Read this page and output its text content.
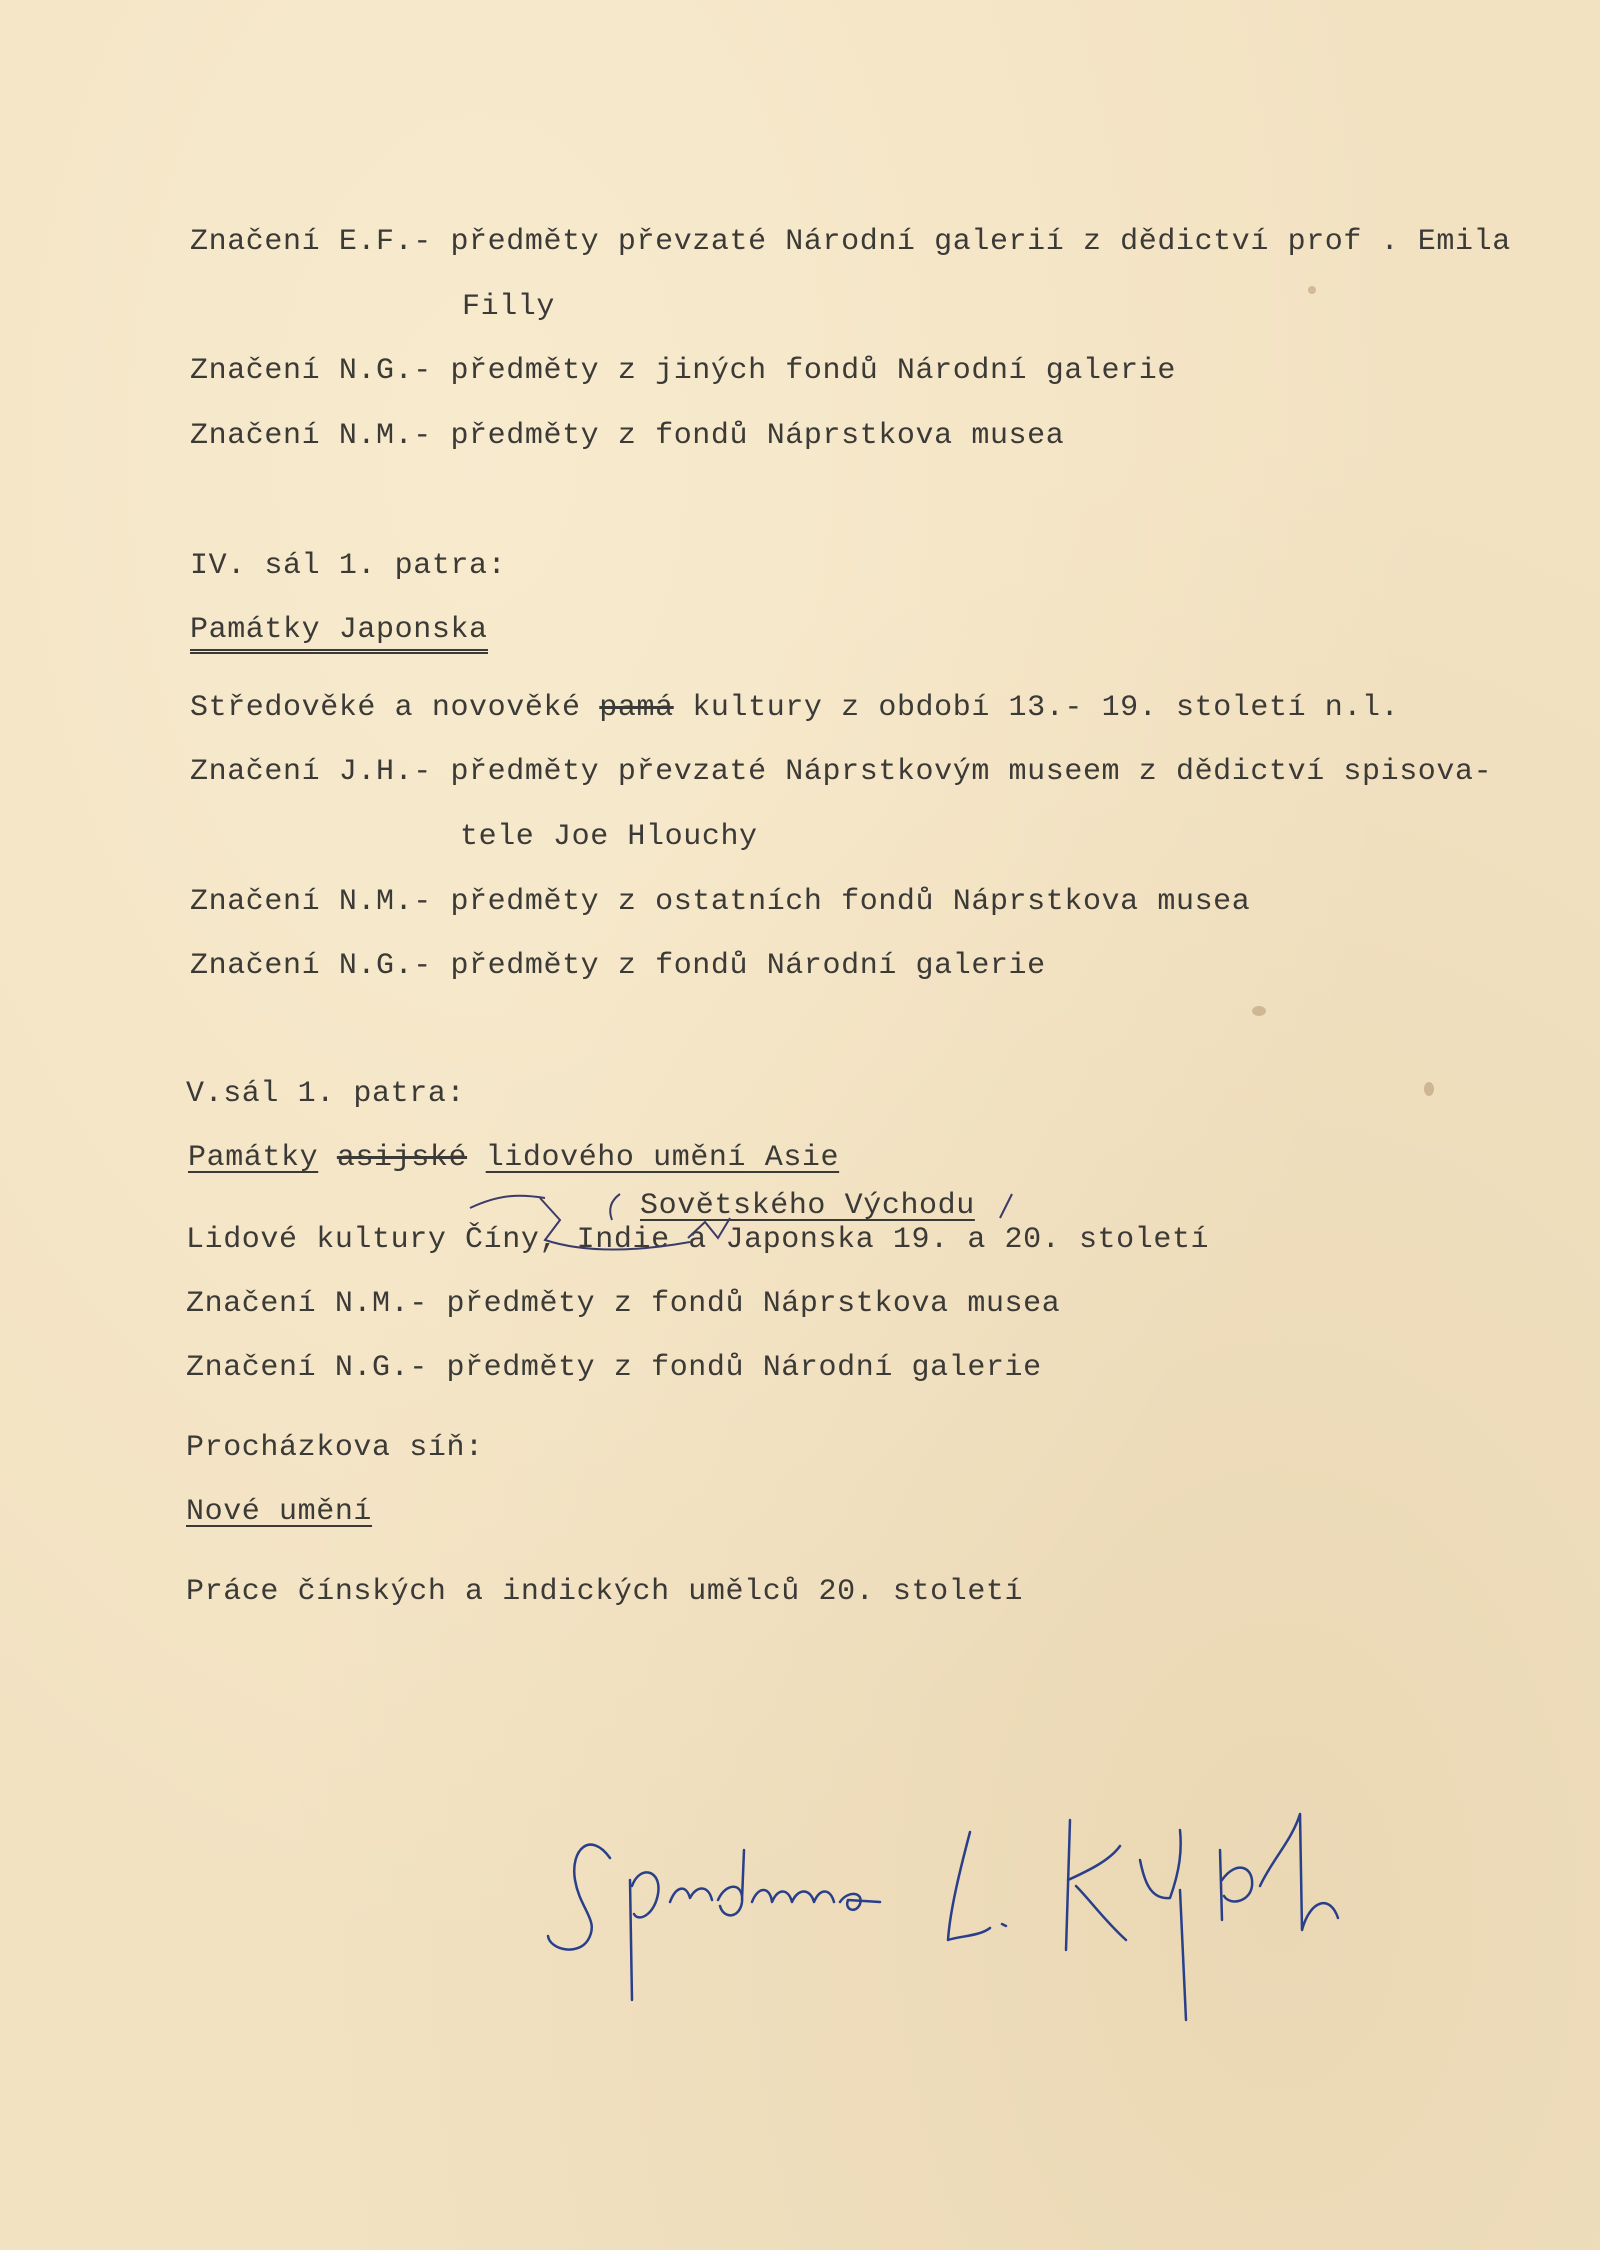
Značení E.F.- předměty převzaté Národní galerií z dědictví prof . Emila
Filly
Značení N.G.- předměty z jiných fondů Národní galerie
Značení N.M.- předměty z fondů Náprstkova musea
IV. sál 1. patra:
Památky Japonska
Středověké a novověké pamá kultury z období 13.- 19. století n.l.
Značení J.H.- předměty převzaté Náprstkovým museem z dědictví spisova-
tele Joe Hlouchy
Značení N.M.- předměty z ostatních fondů Náprstkova musea
Značení N.G.- předměty z fondů Národní galerie
V.sál 1. patra:
Památky asijské lidového umění Asie
Sovětského Východu
Lidové kultury Číny, Indie a Japonska 19. a 20. století
Značení N.M.- předměty z fondů Náprstkova musea
Značení N.G.- předměty z fondů Národní galerie
Procházkova síň:
Nové umění
Práce čínských a indických umělců 20. století
S pozdravem L. Hájek
